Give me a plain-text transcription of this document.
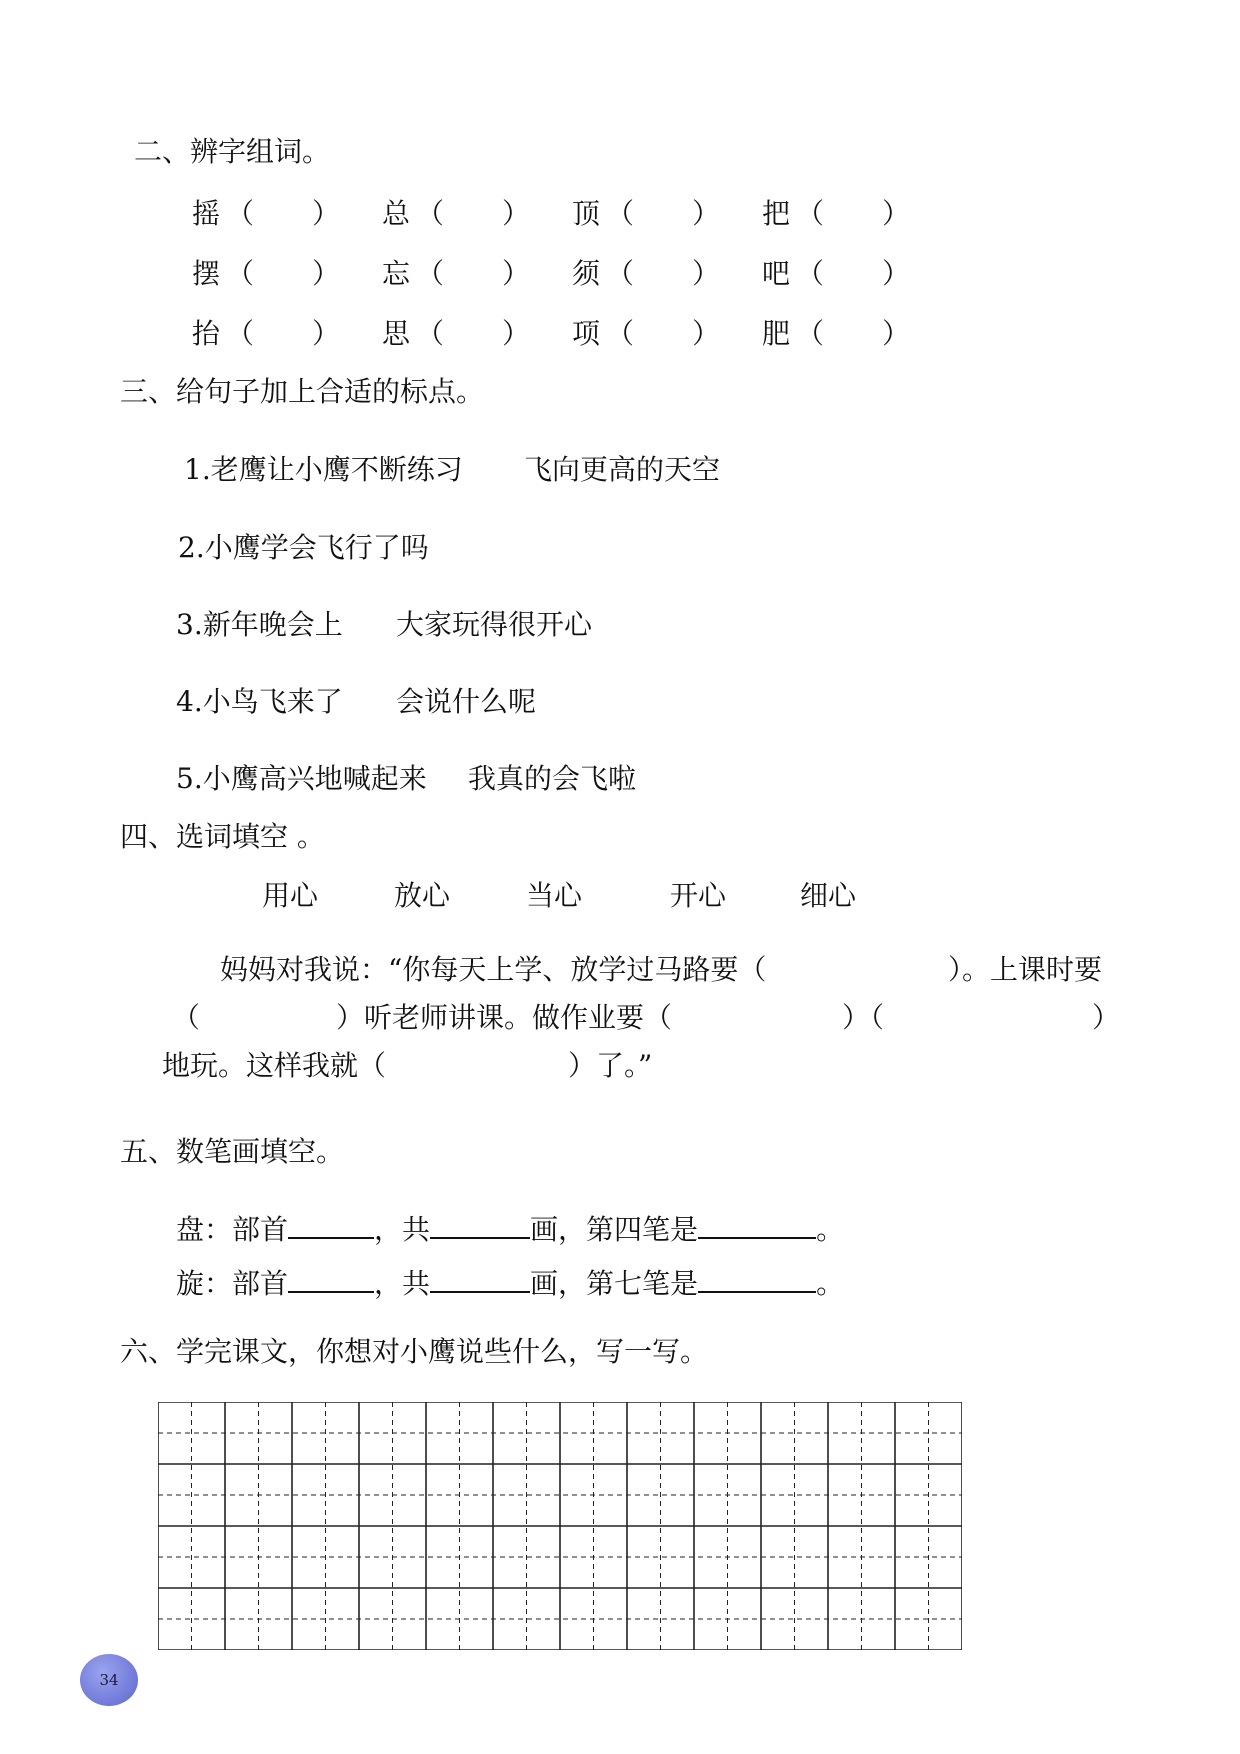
二、辨字组词。
摇 （ ） 总 （ ） 顶 （ ） 把 （ ）
摆 （ ） 忘 （ ） 须 （ ） 吧 （ ）
抬 （ ） 思 （ ） 项 （ ） 肥 （ ）
三、给句子加上合适的标点。
1.老鹰让小鹰不断练习 飞向更高的天空
2.小鹰学会飞行了吗
3.新年晚会上 大家玩得很开心
4.小鸟飞来了 会说什么呢
5.小鹰高兴地喊起来 我真的会飞啦
四、选词填空 。
用心	放心	当心	开心	细心
妈妈对我说：“你每天上学、放学过马路要（	）。上课时要
（	）听老师讲课。做作业要（	）（	）
地玩。这样我就（	）了。”
五、数笔画填空。
盘：部首	，共	画，第四笔是	。
旋：部首	，共	画，第七笔是	。
六、学完课文，你想对小鹰说些什么，写一写。
34
